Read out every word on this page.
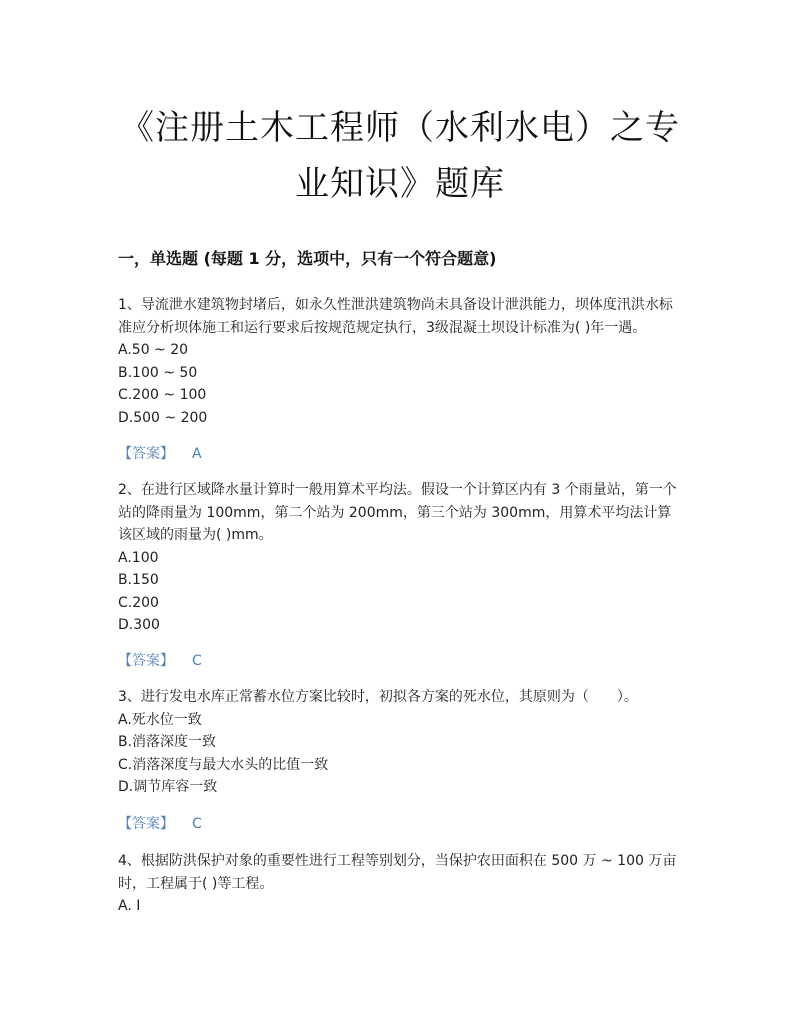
《注册土木工程师（水利水电）之专
业知识》题库
一，单选题 (每题 1 分，选项中，只有一个符合题意)

1、导流泄水建筑物封堵后，如永久性泄洪建筑物尚未具备设计泄洪能力，坝体度汛洪水标准应分析坝体施工和运行要求后按规范规定执行，3级混凝土坝设计标准为( )年一遇。

A.50 ~ 20

B.100 ~ 50

C.200 ~ 100

D.500 ~ 200

【答案】 A

2、在进行区域降水量计算时一般用算术平均法。假设一个计算区内有 3 个雨量站，第一个站的降雨量为 100mm，第二个站为 200mm，第三个站为 300mm，用算术平均法计算该区域的雨量为( )mm。

A.100

B.150

C.200

D.300

【答案】 C

3、进行发电水库正常蓄水位方案比较时，初拟各方案的死水位，其原则为（　　）。

A.死水位一致

B.消落深度一致

C.消落深度与最大水头的比值一致

D.调节库容一致

【答案】 C

4、根据防洪保护对象的重要性进行工程等别划分，当保护农田面积在 500 万 ~ 100 万亩时，工程属于( )等工程。

A. Ⅰ
